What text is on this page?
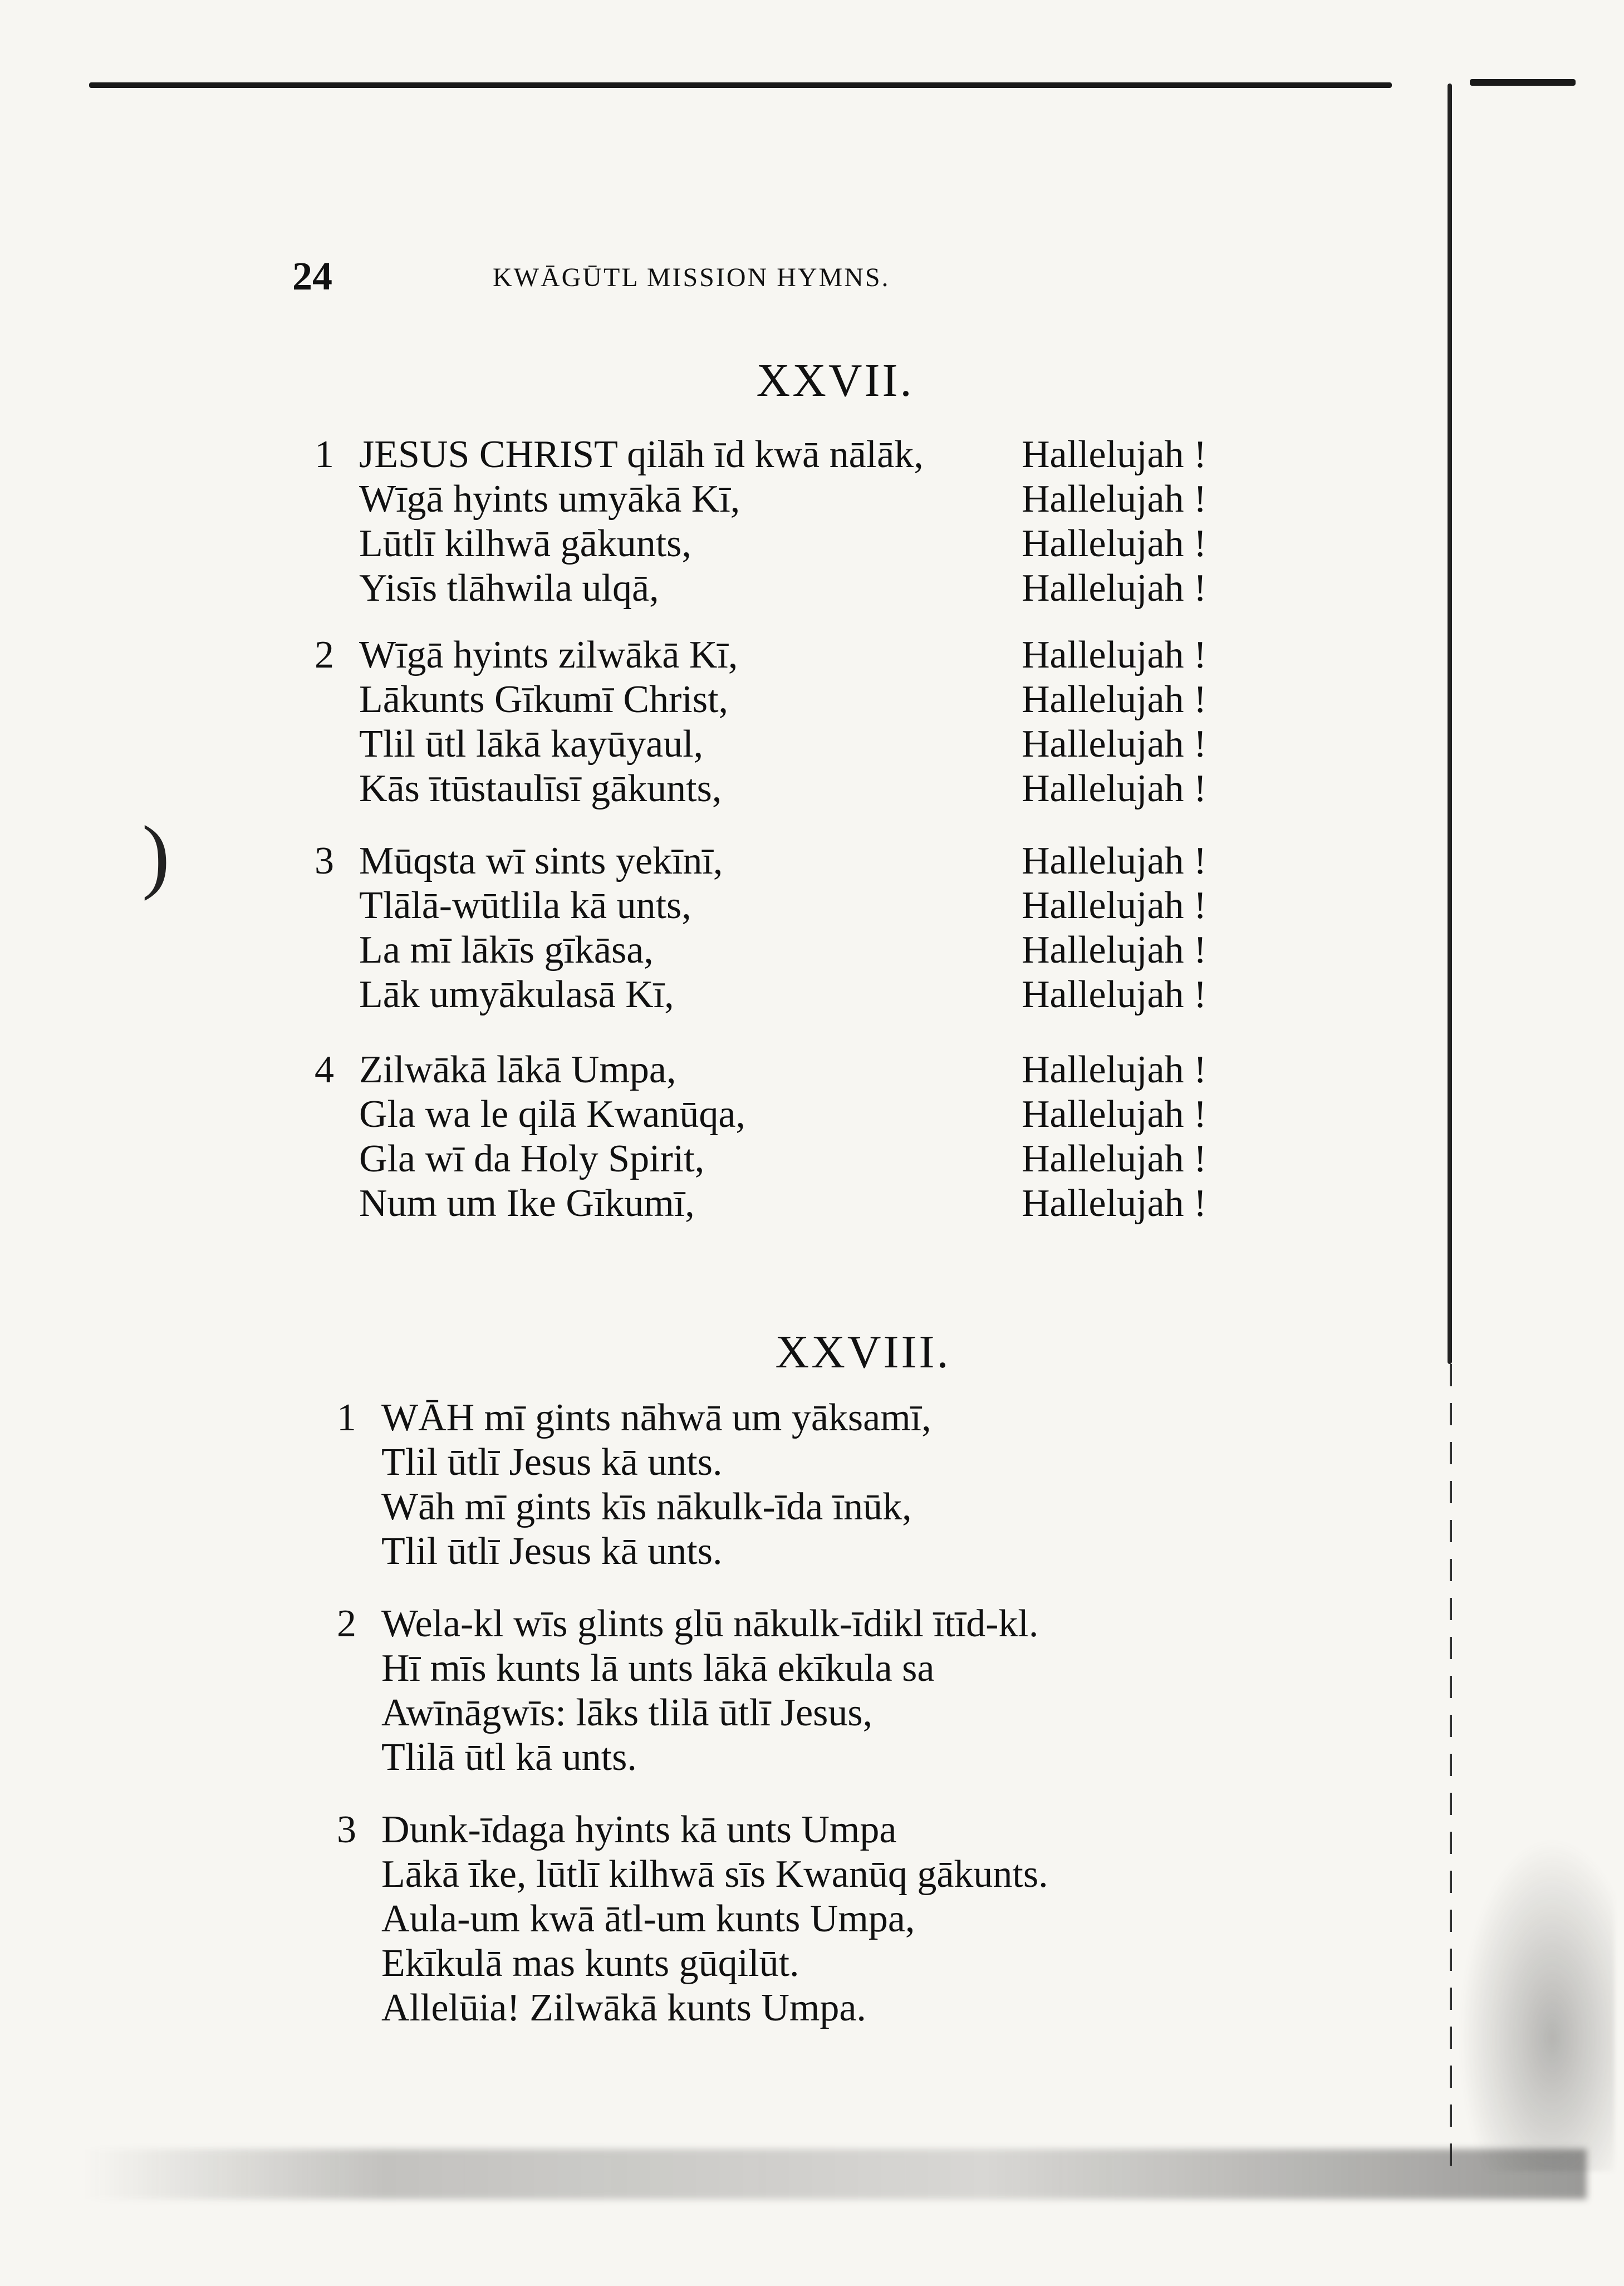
)
24	KWĀGŪTL MISSION HYMNS.
XXVII.
1 JESUS CHRIST qilāh īd kwā nālāk,	Hallelujah !
Wīgā hyints umyākā Kī,	Hallelujah !
Lūtlī kilhwā gākunts,	Hallelujah !
Yisīs tlāhwila ulqā,	Hallelujah !
2 Wīgā hyints zilwākā Kī,	Hallelujah !
Lākunts Gīkumī Christ,	Hallelujah !
Tlil ūtl lākā kayūyaul,	Hallelujah !
Kās ītūstaulīsī gākunts,	Hallelujah !
3 Mūqsta wī sints yekīnī,	Hallelujah !
Tlālā-wūtlila kā unts,	Hallelujah !
La mī lākīs gīkāsa,	Hallelujah !
Lāk umyākulasā Kī,	Hallelujah !
4 Zilwākā lākā Umpa,	Hallelujah !
Gla wa le qilā Kwanūqa,	Hallelujah !
Gla wī da Holy Spirit,	Hallelujah !
Num um Ike Gīkumī,	Hallelujah !
XXVIII.
1 WĀH mī gints nāhwā um yāksamī,
Tlil ūtlī Jesus kā unts.
Wāh mī gints kīs nākulk-īda īnūk,
Tlil ūtlī Jesus kā unts.
2 Wela-kl wīs glints glū nākulk-īdikl ītīd-kl.
Hī mīs kunts lā unts lākā ekīkula sa
Awīnāgwīs: lāks tlilā ūtlī Jesus,
Tlilā ūtl kā unts.
3 Dunk-īdaga hyints kā unts Umpa
Lākā īke, lūtlī kilhwā sīs Kwanūq gākunts.
Aula-um kwā ātl-um kunts Umpa,
Ekīkulā mas kunts gūqilūt.
Allelūia! Zilwākā kunts Umpa.
